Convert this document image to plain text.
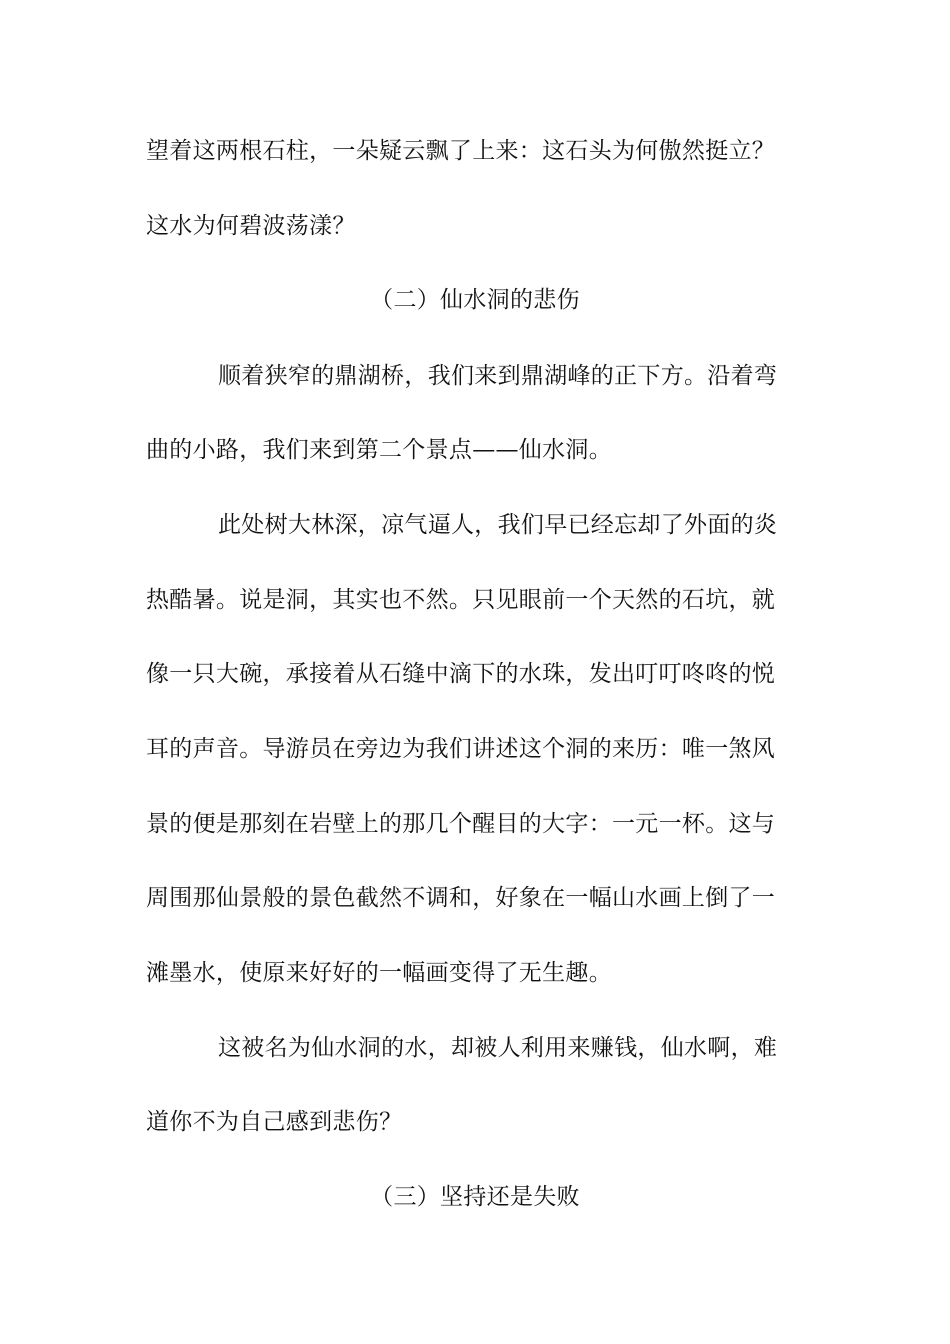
望着这两根石柱，一朵疑云飘了上来：这石头为何傲然挺立？
这水为何碧波荡漾？
（二）仙水洞的悲伤
顺着狭窄的鼎湖桥，我们来到鼎湖峰的正下方。沿着弯
曲的小路，我们来到第二个景点——仙水洞。
此处树大林深，凉气逼人，我们早已经忘却了外面的炎
热酷暑。说是洞，其实也不然。只见眼前一个天然的石坑，就
像一只大碗，承接着从石缝中滴下的水珠，发出叮叮咚咚的悦
耳的声音。导游员在旁边为我们讲述这个洞的来历：唯一煞风
景的便是那刻在岩壁上的那几个醒目的大字：一元一杯。这与
周围那仙景般的景色截然不调和，好象在一幅山水画上倒了一
滩墨水，使原来好好的一幅画变得了无生趣。
这被名为仙水洞的水，却被人利用来赚钱，仙水啊，难
道你不为自己感到悲伤？
（三）坚持还是失败
